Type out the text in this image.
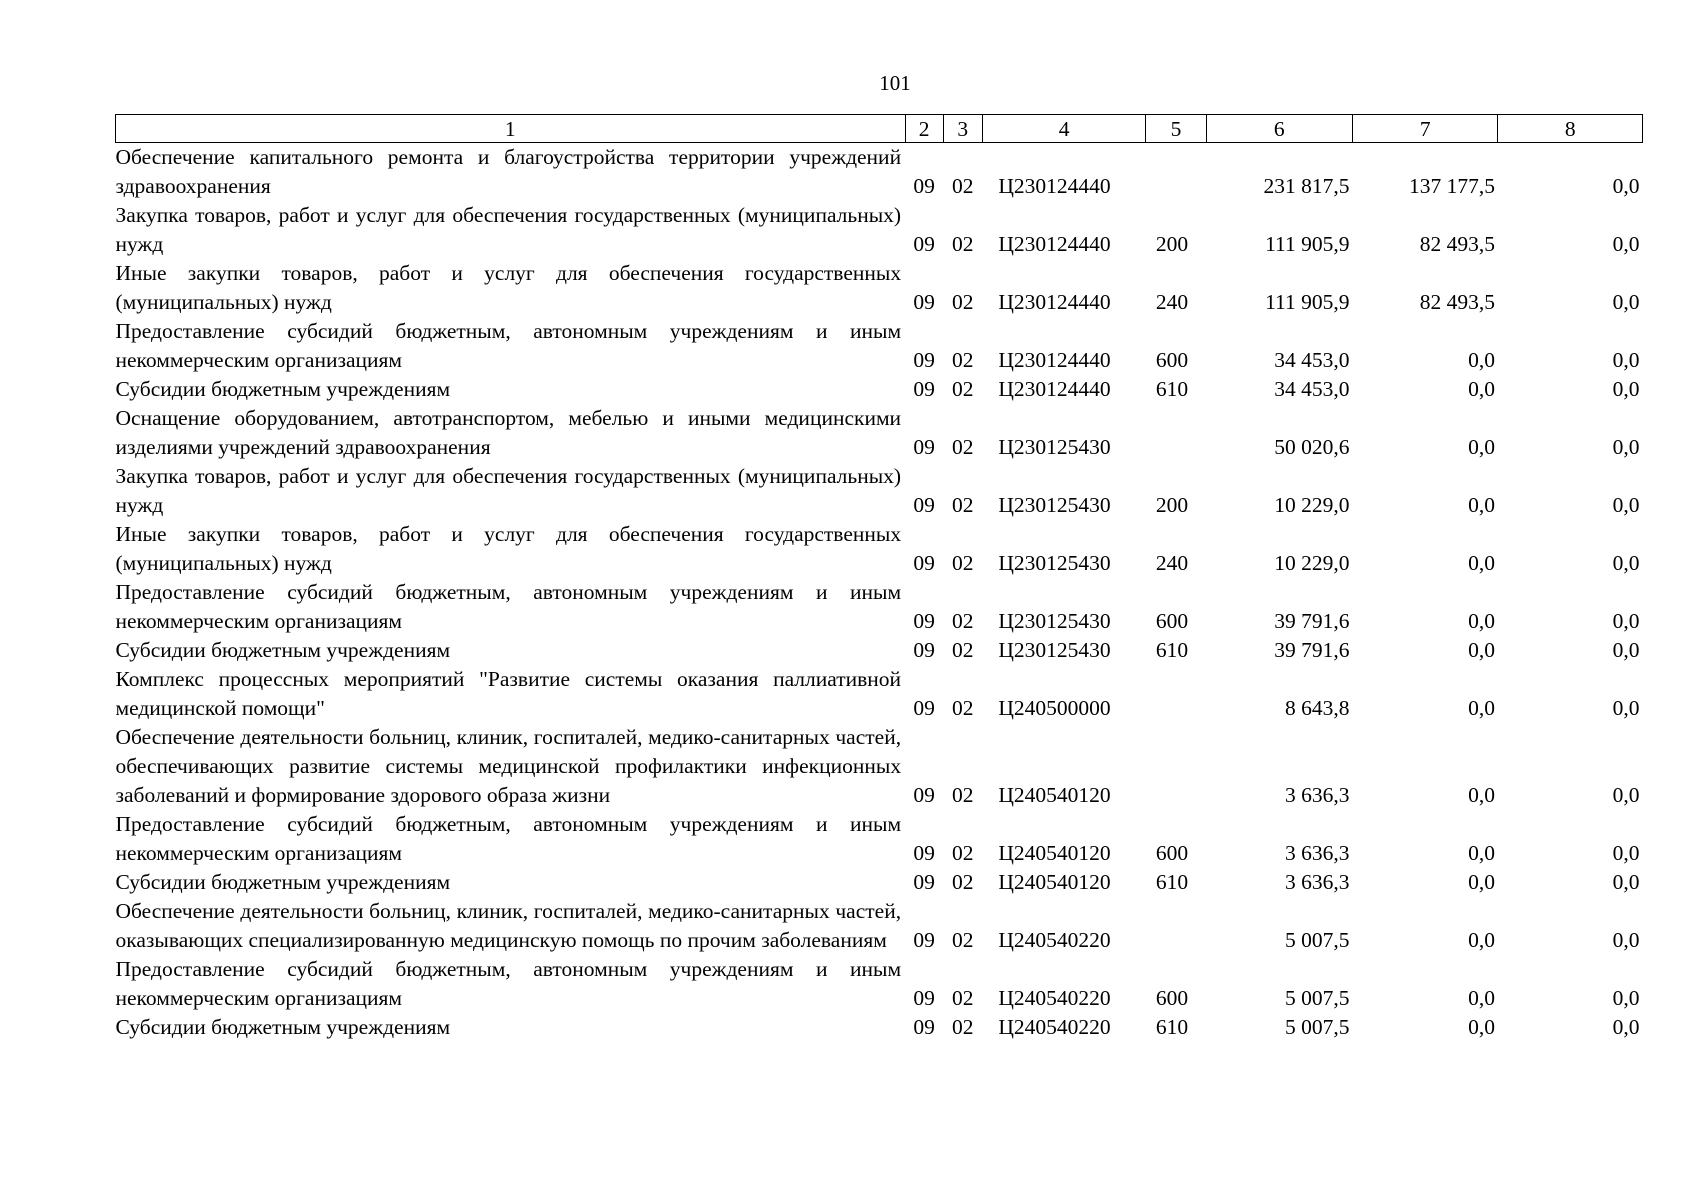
101
1	2	3	4	5	6	7	8
Обеспечение капитального ремонта и благоустройства территории учреждений здравоохранения	09	02	Ц230124440		231 817,5	137 177,5	0,0
Закупка товаров, работ и услуг для обеспечения государственных (муниципальных) нужд	09	02	Ц230124440	200	111 905,9	82 493,5	0,0
Иные закупки товаров, работ и услуг для обеспечения государственных (муниципальных) нужд	09	02	Ц230124440	240	111 905,9	82 493,5	0,0
Предоставление субсидий бюджетным, автономным учреждениям и иным некоммерческим организациям	09	02	Ц230124440	600	34 453,0	0,0	0,0
Субсидии бюджетным учреждениям	09	02	Ц230124440	610	34 453,0	0,0	0,0
Оснащение оборудованием, автотранспортом, мебелью и иными медицинскими изделиями учреждений здравоохранения	09	02	Ц230125430		50 020,6	0,0	0,0
Закупка товаров, работ и услуг для обеспечения государственных (муниципальных) нужд	09	02	Ц230125430	200	10 229,0	0,0	0,0
Иные закупки товаров, работ и услуг для обеспечения государственных (муниципальных) нужд	09	02	Ц230125430	240	10 229,0	0,0	0,0
Предоставление субсидий бюджетным, автономным учреждениям и иным некоммерческим организациям	09	02	Ц230125430	600	39 791,6	0,0	0,0
Субсидии бюджетным учреждениям	09	02	Ц230125430	610	39 791,6	0,0	0,0
Комплекс процессных мероприятий "Развитие системы оказания паллиативной медицинской помощи"	09	02	Ц240500000		8 643,8	0,0	0,0
Обеспечение деятельности больниц, клиник, госпиталей, медико-санитарных частей, обеспечивающих развитие системы медицинской профилактики инфекционных заболеваний и формирование здорового образа жизни	09	02	Ц240540120		3 636,3	0,0	0,0
Предоставление субсидий бюджетным, автономным учреждениям и иным некоммерческим организациям	09	02	Ц240540120	600	3 636,3	0,0	0,0
Субсидии бюджетным учреждениям	09	02	Ц240540120	610	3 636,3	0,0	0,0
Обеспечение деятельности больниц, клиник, госпиталей, медико-санитарных частей, оказывающих специализированную медицинскую помощь по прочим заболеваниям	09	02	Ц240540220		5 007,5	0,0	0,0
Предоставление субсидий бюджетным, автономным учреждениям и иным некоммерческим организациям	09	02	Ц240540220	600	5 007,5	0,0	0,0
Субсидии бюджетным учреждениям	09	02	Ц240540220	610	5 007,5	0,0	0,0
